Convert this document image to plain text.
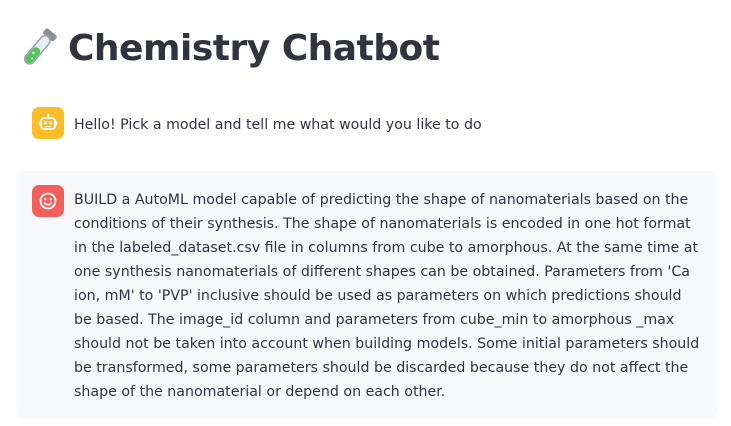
Chemistry Chatbot
Hello! Pick a model and tell me what would you like to do
BUILD a AutoML model capable of predicting the shape of nanomaterials based on the conditions of their synthesis. The shape of nanomaterials is encoded in one hot format in the labeled_dataset.csv file in columns from cube to amorphous. At the same time at one synthesis nanomaterials of different shapes can be obtained. Parameters from 'Ca ion, mM' to 'PVP' inclusive should be used as parameters on which predictions should be based. The image_id column and parameters from cube_min to amorphous _max should not be taken into account when building models. Some initial parameters should be transformed, some parameters should be discarded because they do not affect the shape of the nanomaterial or depend on each other.
